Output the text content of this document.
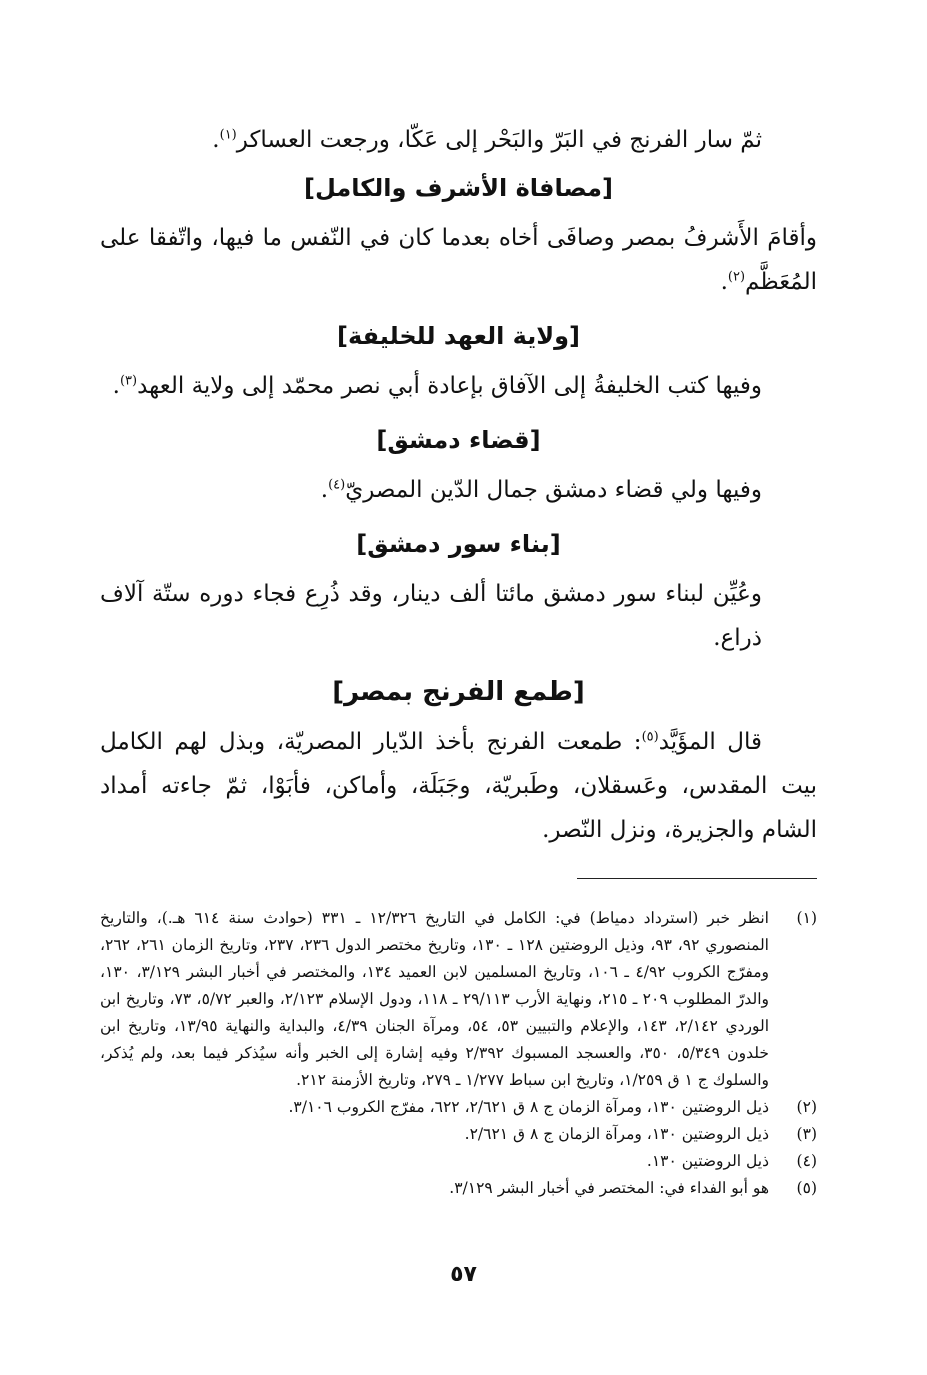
ثمّ سار الفرنج في البَرّ والبَحْر إلى عَكّا، ورجعت العساكر$^{(١)}$.

[مصافاة الأشرف والكامل]

وأقامَ الأَشرفُ بمصر وصافَى أخاه بعدما كان في النّفس ما فيها، واتّفقا على المُعَظَّم$^{(٢)}$.

[ولاية العهد للخليفة]

وفيها كتب الخليفةُ إلى الآفاق بإعادة أبي نصر محمّد إلى ولاية العهد$^{(٣)}$.

[قضاء دمشق]

وفيها ولي قضاء دمشق جمال الدّين المصريّ$^{(٤)}$.

[بناء سور دمشق]

وعُيِّن لبناء سور دمشق مائتا ألف دينار، وقد ذُرِع فجاء دوره ستّة آلاف ذراع.

[طمع الفرنج بمصر]

قال المؤَيَّد$^{(٥)}$: طمعت الفرنج بأخذ الدّيار المصريّة، وبذل لهم الكامل بيت المقدس، وعَسقلان، وطَبريّة، وجَبَلَة، وأماكن، فأبَوْا، ثمّ جاءته أمداد الشام والجزيرة، ونزل النّصر.

(١)
انظر خبر (استرداد دمياط) في: الكامل في التاريخ ١٢/٣٢٦ ـ ٣٣١ (حوادث سنة ٦١٤ هـ.)، والتاريخ المنصوري ٩٢، ٩٣، وذيل الروضتين ١٢٨ ـ ١٣٠، وتاريخ مختصر الدول ٢٣٦، ٢٣٧، وتاريخ الزمان ٢٦١، ٢٦٢، ومفرّج الكروب ٤/٩٢ ـ ١٠٦، وتاريخ المسلمين لابن العميد ١٣٤، والمختصر في أخبار البشر ٣/١٢٩، ١٣٠، والدرّ المطلوب ٢٠٩ ـ ٢١٥، ونهاية الأرب ٢٩/١١٣ ـ ١١٨، ودول الإسلام ٢/١٢٣، والعبر ٥/٧٢، ٧٣، وتاريخ ابن الوردي ٢/١٤٢، ١٤٣، والإعلام والتبيين ٥٣، ٥٤، ومرآة الجنان ٤/٣٩، والبداية والنهاية ١٣/٩٥، وتاريخ ابن خلدون ٥/٣٤٩، ٣٥٠، والعسجد المسبوك ٢/٣٩٢ وفيه إشارة إلى الخبر وأنه سيُذكر فيما بعد، ولم يُذكر، والسلوك ج ١ ق ١/٢٥٩، وتاريخ ابن سباط ١/٢٧٧ ـ ٢٧٩، وتاريخ الأزمنة ٢١٢.
(٢)
ذيل الروضتين ١٣٠، ومرآة الزمان ج ٨ ق ٢/٦٢١، ٦٢٢، مفرّج الكروب ٣/١٠٦.
(٣)
ذيل الروضتين ١٣٠، ومرآة الزمان ج ٨ ق ٢/٦٢١.
(٤)
ذيل الروضتين ١٣٠.
(٥)
هو أبو الفداء في: المختصر في أخبار البشر ٣/١٢٩.
٥٧
